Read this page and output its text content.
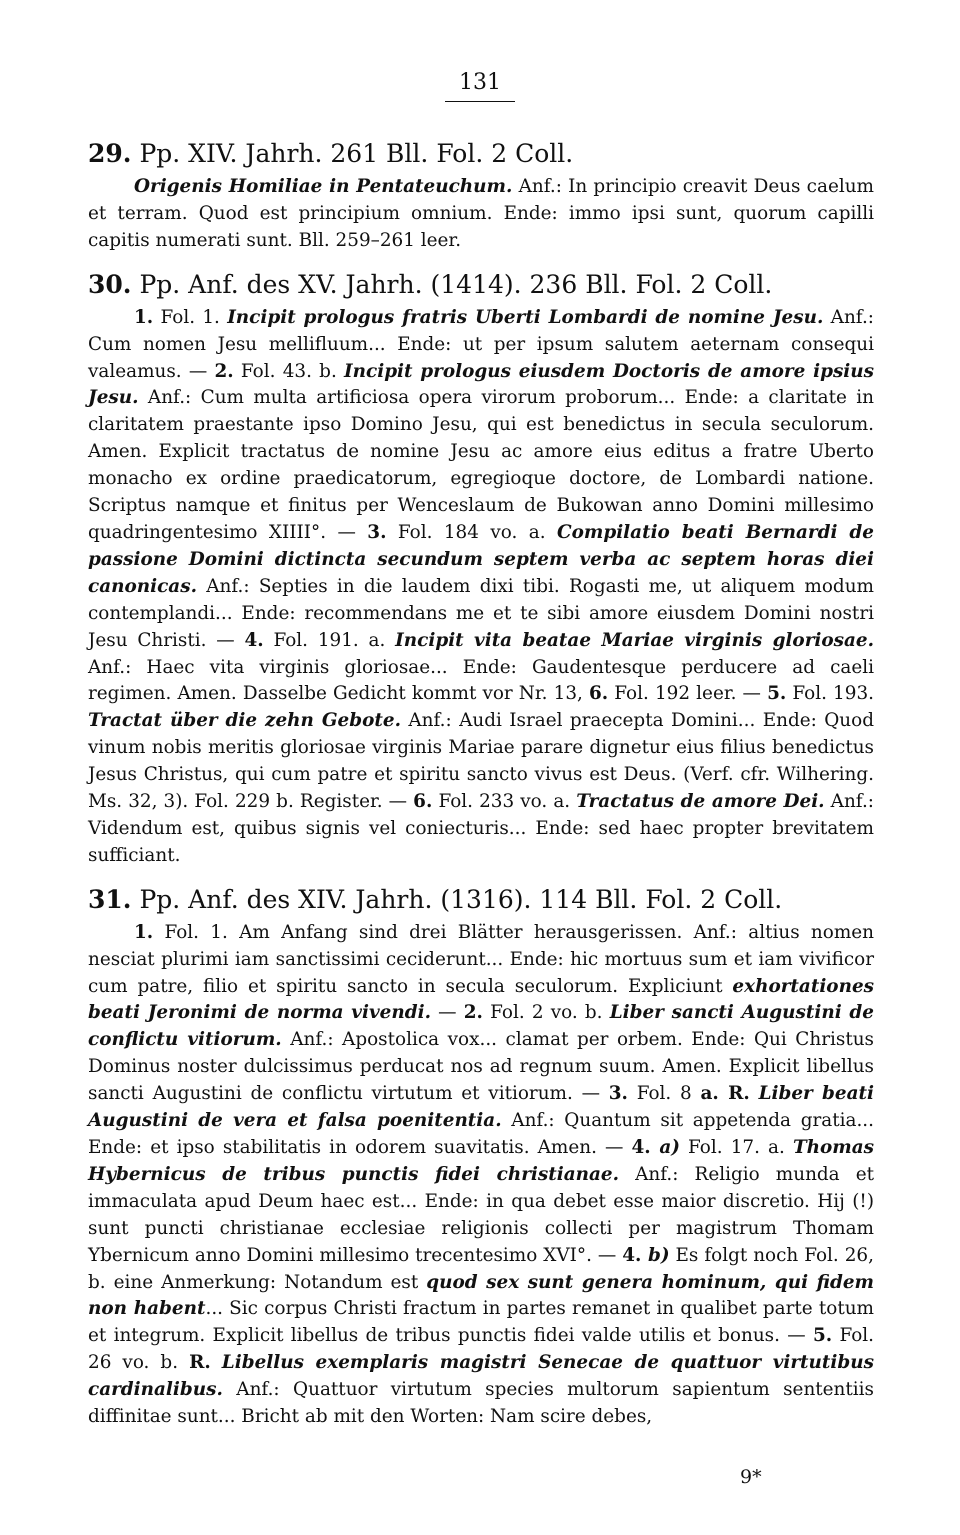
131
29. Pp. XIV. Jahrh. 261 Bll. Fol. 2 Coll.

Origenis Homiliae in Pentateuchum. Anf.: In principio creavit Deus caelum et terram. Quod est principium omnium. Ende: immo ipsi sunt, quorum capilli capitis numerati sunt. Bll. 259–261 leer.

30. Pp. Anf. des XV. Jahrh. (1414). 236 Bll. Fol. 2 Coll.

1. Fol. 1. Incipit prologus fratris Uberti Lombardi de nomine Jesu. Anf.: Cum nomen Jesu mellifluum... Ende: ut per ipsum salutem aeternam consequi valeamus. — 2. Fol. 43. b. Incipit prologus eiusdem Doctoris de amore ipsius Jesu. Anf.: Cum multa artificiosa opera virorum proborum... Ende: a claritate in claritatem praestante ipso Domino Jesu, qui est benedictus in secula seculorum. Amen. Explicit tractatus de nomine Jesu ac amore eius editus a fratre Uberto monacho ex ordine praedicatorum, egregioque doctore, de Lombardi natione. Scriptus namque et finitus per Wenceslaum de Bukowan anno Domini millesimo quadringentesimo XIIII°. — 3. Fol. 184 vo. a. Compilatio beati Bernardi de passione Domini dictincta secundum septem verba ac septem horas diei canonicas. Anf.: Septies in die laudem dixi tibi. Rogasti me, ut aliquem modum contemplandi... Ende: recommendans me et te sibi amore eiusdem Domini nostri Jesu Christi. — 4. Fol. 191. a. Incipit vita beatae Mariae virginis gloriosae. Anf.: Haec vita virginis gloriosae... Ende: Gaudentesque perducere ad caeli regimen. Amen. Dasselbe Gedicht kommt vor Nr. 13, 6. Fol. 192 leer. — 5. Fol. 193. Tractat über die zehn Gebote. Anf.: Audi Israel praecepta Domini... Ende: Quod vinum nobis meritis gloriosae virginis Mariae parare dignetur eius filius benedictus Jesus Christus, qui cum patre et spiritu sancto vivus est Deus. (Verf. cfr. Wilhering. Ms. 32, 3). Fol. 229 b. Register. — 6. Fol. 233 vo. a. Tractatus de amore Dei. Anf.: Videndum est, quibus signis vel coniecturis... Ende: sed haec propter brevitatem sufficiant.

31. Pp. Anf. des XIV. Jahrh. (1316). 114 Bll. Fol. 2 Coll.

1. Fol. 1. Am Anfang sind drei Blätter herausgerissen. Anf.: altius nomen nesciat plurimi iam sanctissimi ceciderunt... Ende: hic mortuus sum et iam vivificor cum patre, filio et spiritu sancto in secula seculorum. Expliciunt exhortationes beati Jeronimi de norma vivendi. — 2. Fol. 2 vo. b. Liber sancti Augustini de conflictu vitiorum. Anf.: Apostolica vox... clamat per orbem. Ende: Qui Christus Dominus noster dulcissimus perducat nos ad regnum suum. Amen. Explicit libellus sancti Augustini de conflictu virtutum et vitiorum. — 3. Fol. 8 a. R. Liber beati Augustini de vera et falsa poenitentia. Anf.: Quantum sit appetenda gratia... Ende: et ipso stabilitatis in odorem suavitatis. Amen. — 4. a) Fol. 17. a. Thomas Hybernicus de tribus punctis fidei christianae. Anf.: Religio munda et immaculata apud Deum haec est... Ende: in qua debet esse maior discretio. Hij (!) sunt puncti christianae ecclesiae religionis collecti per magistrum Thomam Ybernicum anno Domini millesimo trecentesimo XVI°. — 4. b) Es folgt noch Fol. 26, b. eine Anmerkung: Notandum est quod sex sunt genera hominum, qui fidem non habent... Sic corpus Christi fractum in partes remanet in qualibet parte totum et integrum. Explicit libellus de tribus punctis fidei valde utilis et bonus. — 5. Fol. 26 vo. b. R. Libellus exemplaris magistri Senecae de quattuor virtutibus cardinalibus. Anf.: Quattuor virtutum species multorum sapientum sententiis diffinitae sunt... Bricht ab mit den Worten: Nam scire debes,

9*
